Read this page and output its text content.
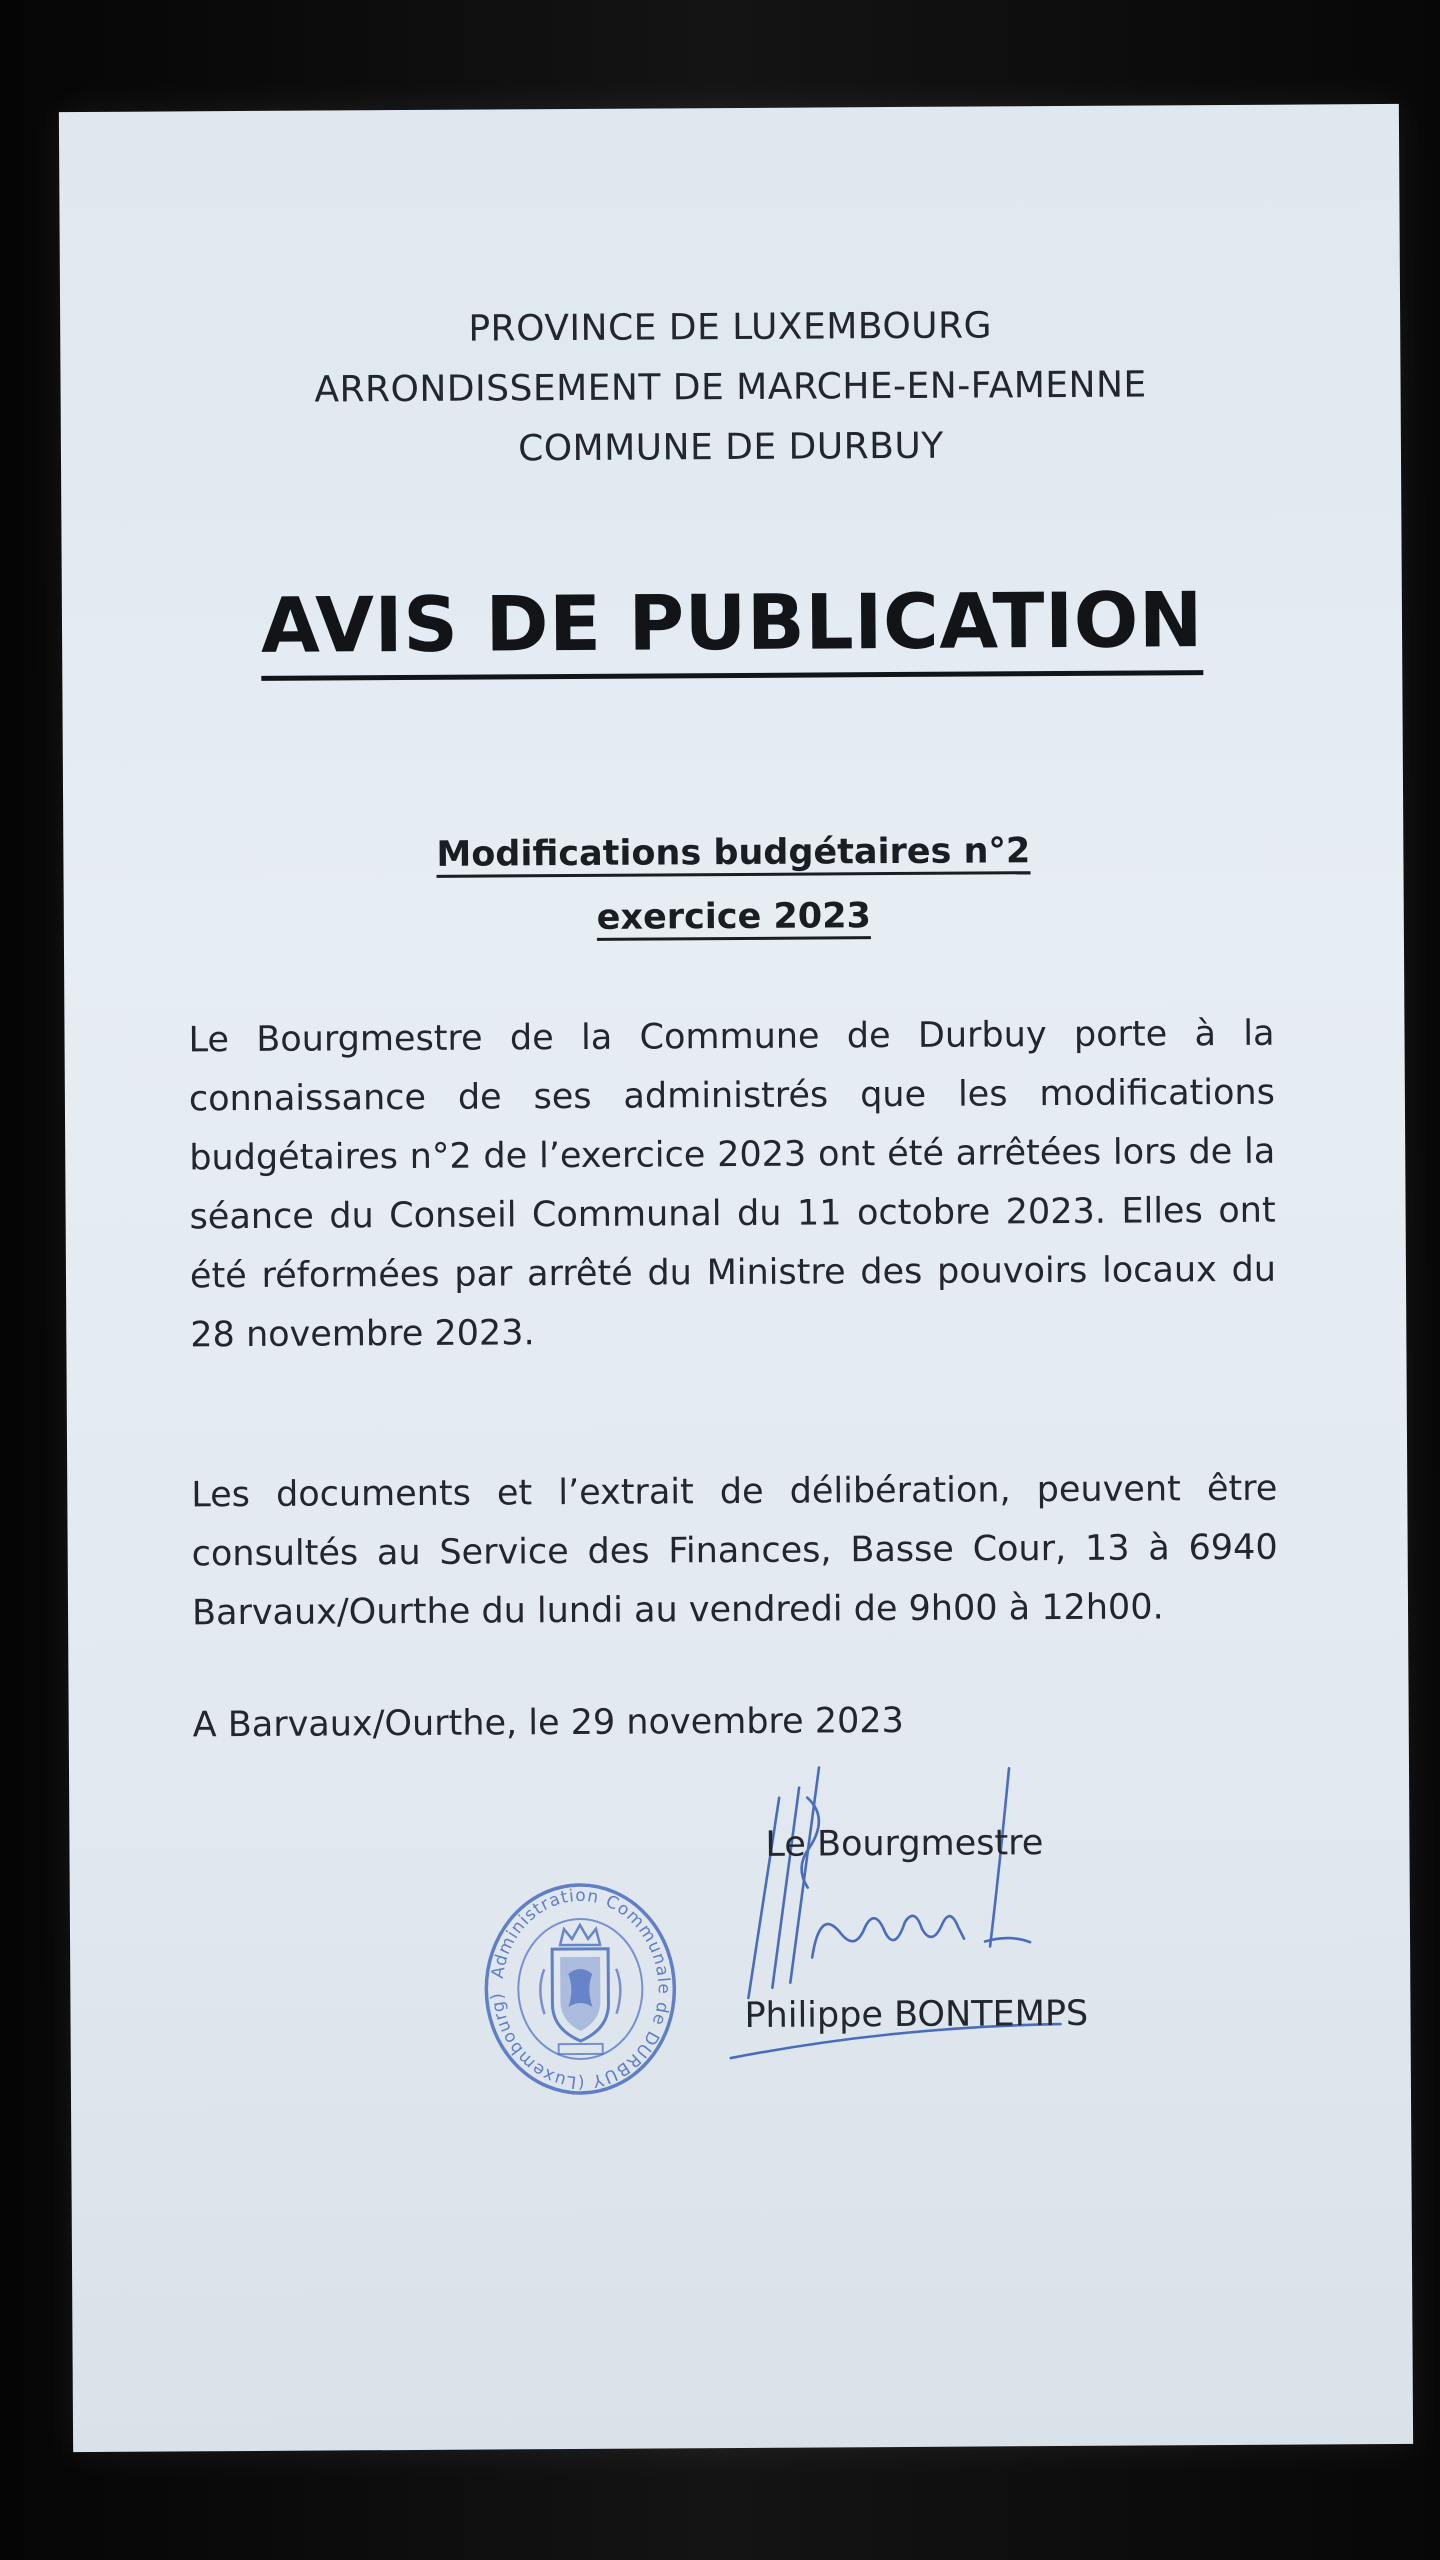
PROVINCE DE LUXEMBOURG
ARRONDISSEMENT DE MARCHE-EN-FAMENNE
COMMUNE DE DURBUY
AVIS DE PUBLICATION
Modifications budgétaires n°2
exercice 2023

Le Bourgmestre de la Commune de Durbuy porte à la connaissance de ses administrés que les modifications budgétaires n°2 de l’exercice 2023 ont été arrêtées lors de la séance du Conseil Communal du 11 octobre 2023. Elles ont été réformées par arrêté du Ministre des pouvoirs locaux du 28 novembre 2023.

Les documents et l’extrait de délibération, peuvent être consultés au Service des Finances, Basse Cour, 13 à 6940 Barvaux/Ourthe du lundi au vendredi de 9h00 à 12h00.

A Barvaux/Ourthe, le 29 novembre 2023
Administration Communale de DURBUY (Luxembourg)
Le Bourgmestre
Philippe BONTEMPS
